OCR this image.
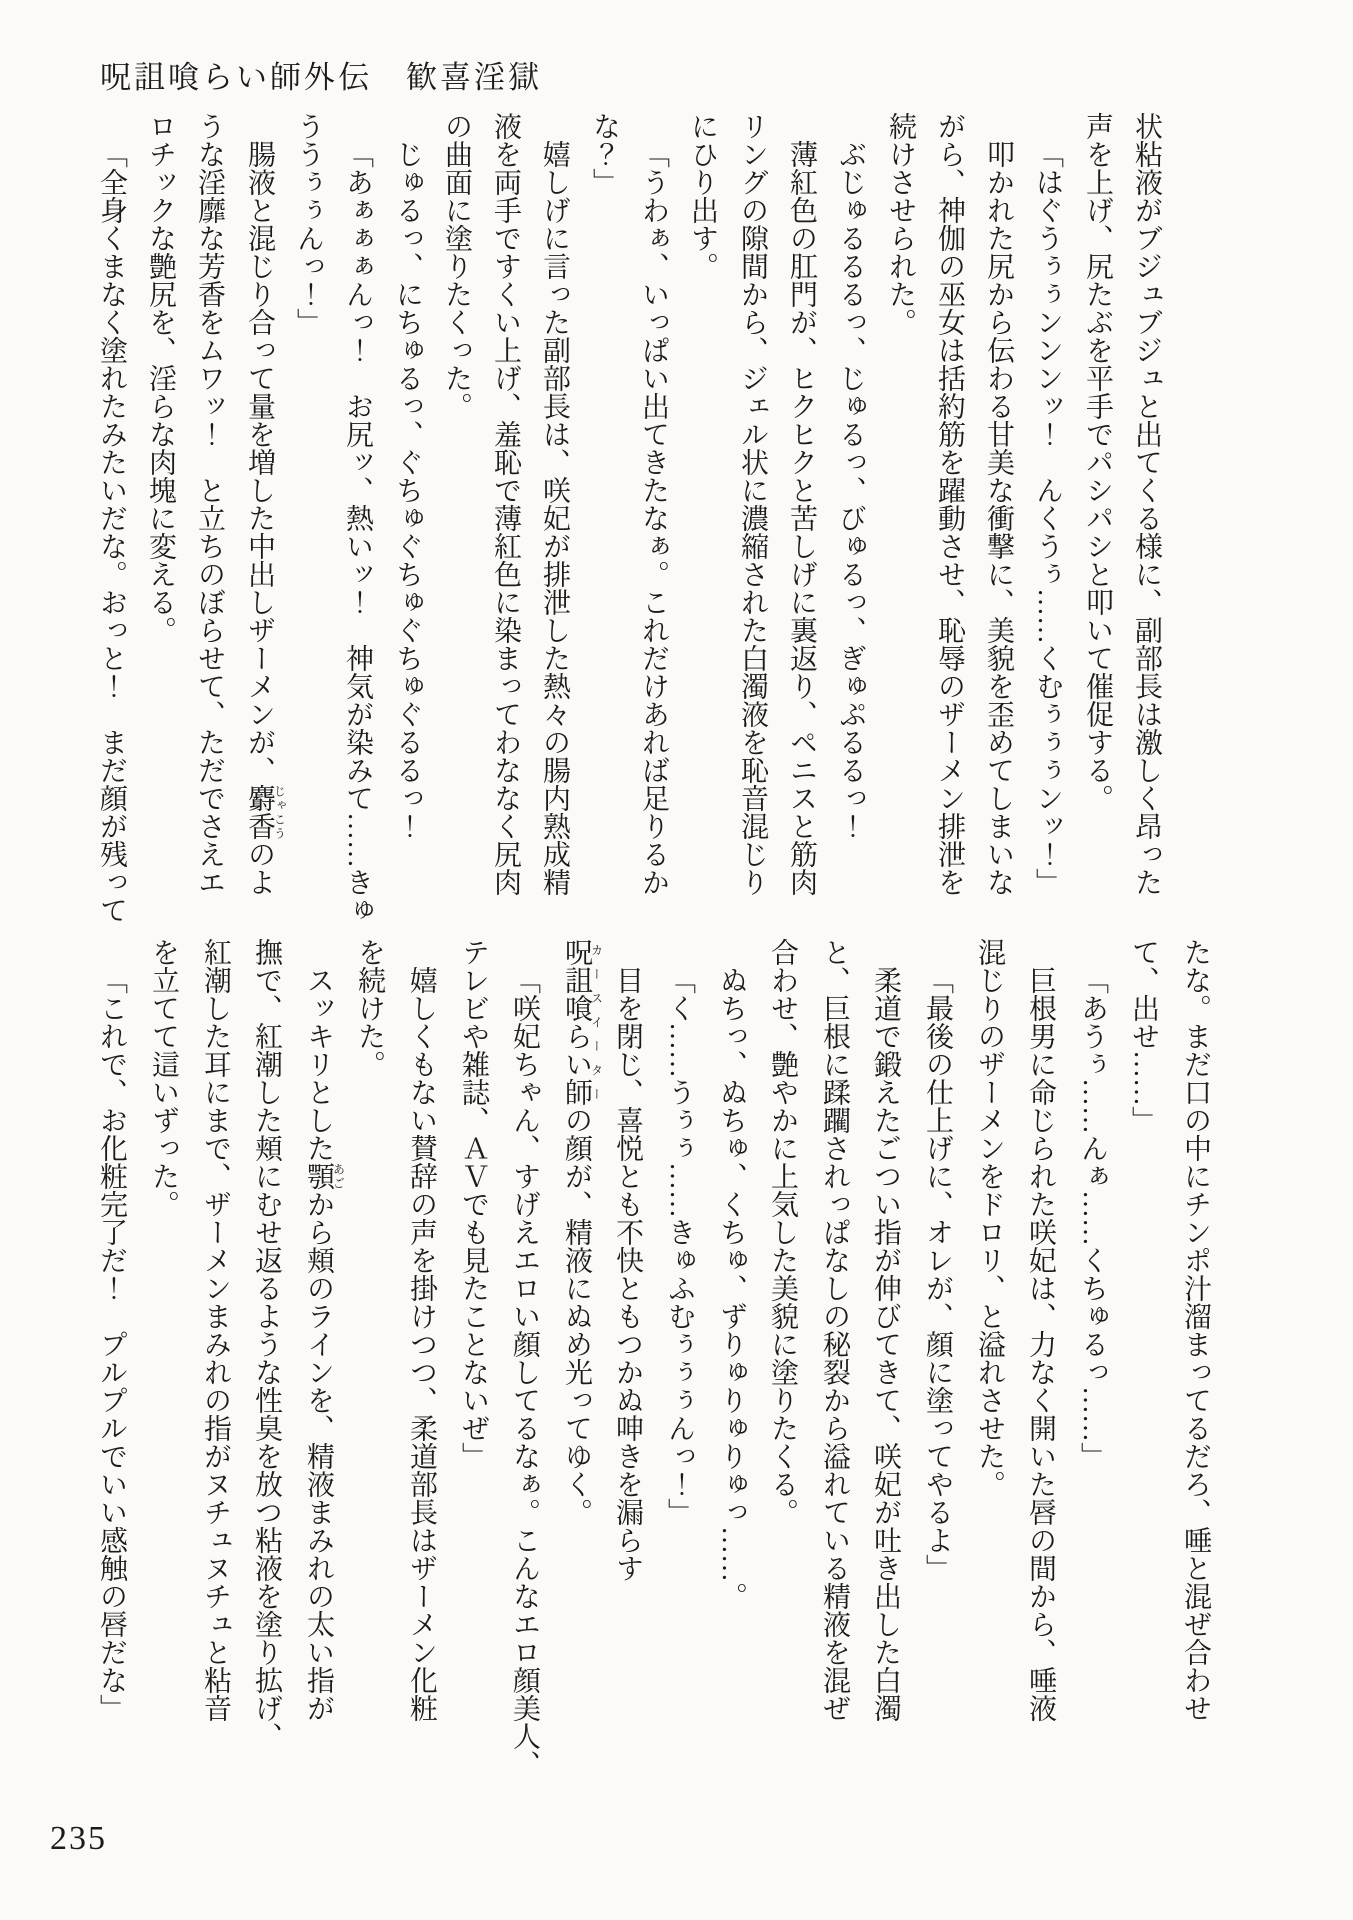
呪詛喰らい師外伝　歓喜淫獄
状粘液がブジュブジュと出てくる様に、副部長は激しく昂った
声を上げ、尻たぶを平手でパシパシと叩いて催促する。
「はぐうぅぅンンンッ！　んくうぅ……くむぅぅぅンッ！」
叩かれた尻から伝わる甘美な衝撃に、美貌を歪めてしまいな
がら、神伽の巫女は括約筋を躍動させ、恥辱のザーメン排泄を
続けさせられた。
ぶじゅるるるっ、じゅるっ、びゅるっ、ぎゅぷるるっ！
薄紅色の肛門が、ヒクヒクと苦しげに裏返り、ペニスと筋肉
リングの隙間から、ジェル状に濃縮された白濁液を恥音混じり
にひり出す。
「うわぁ、いっぱい出てきたなぁ。これだけあれば足りるか
な？」
嬉しげに言った副部長は、咲妃が排泄した熱々の腸内熟成精
液を両手ですくい上げ、羞恥で薄紅色に染まってわななく尻肉
の曲面に塗りたくった。
じゅるっ、にちゅるっ、ぐちゅぐちゅぐちゅぐるるっ！
「あぁぁぁんっ！　お尻ッ、熱いッ！　神気が染みて……きゅ
ううぅぅんっ！」
腸液と混じり合って量を増した中出しザーメンが、麝香じゃこうのよ
うな淫靡な芳香をムワッ！　と立ちのぼらせて、ただでさえエ
ロチックな艶尻を、淫らな肉塊に変える。
「全身くまなく塗れたみたいだな。おっと！　まだ顔が残って
たな。まだ口の中にチンポ汁溜まってるだろ、唾と混ぜ合わせ
て、出せ……」
「あうぅ……んぁ……くちゅるっ……」
巨根男に命じられた咲妃は、力なく開いた唇の間から、唾液
混じりのザーメンをドロリ、と溢れさせた。
「最後の仕上げに、オレが、顔に塗ってやるよ」
柔道で鍛えたごつい指が伸びてきて、咲妃が吐き出した白濁
と、巨根に蹂躙されっぱなしの秘裂から溢れている精液を混ぜ
合わせ、艶やかに上気した美貌に塗りたくる。
ぬちっ、ぬちゅ、くちゅ、ずりゅりゅりゅっ……。
「く……うぅぅ……きゅふむぅぅぅんっ！」
目を閉じ、喜悦とも不快ともつかぬ呻きを漏らす
呪詛喰らい師カースイーターの顔が、精液にぬめ光ってゆく。
「咲妃ちゃん、すげえエロい顔してるなぁ。こんなエロ顔美人、
テレビや雑誌、ＡＶでも見たことないぜ」
嬉しくもない賛辞の声を掛けつつ、柔道部長はザーメン化粧
を続けた。
スッキリとした顎あごから頬のラインを、精液まみれの太い指が
撫で、紅潮した頬にむせ返るような性臭を放つ粘液を塗り拡げ、
紅潮した耳にまで、ザーメンまみれの指がヌチュヌチュと粘音
を立てて這いずった。
「これで、お化粧完了だ！　プルプルでいい感触の唇だな」
235
